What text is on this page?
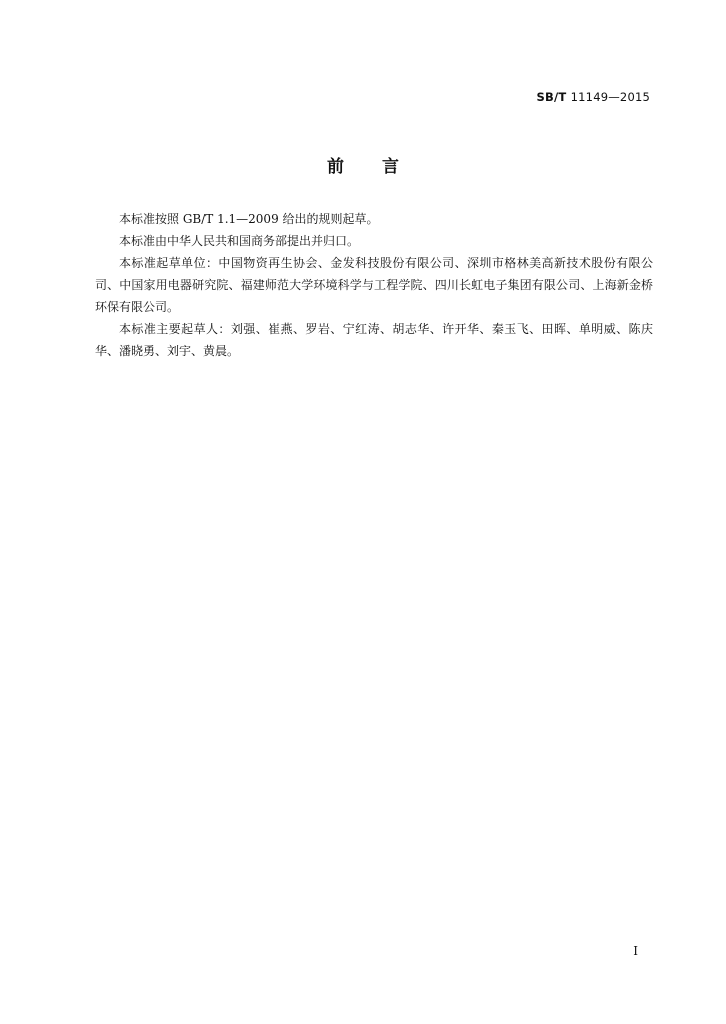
SB/T 11149—2015
前言

本标准按照 GB/T 1.1—2009 给出的规则起草。

本标准由中华人民共和国商务部提出并归口。

本标准起草单位：中国物资再生协会、金发科技股份有限公司、深圳市格林美高新技术股份有限公司、中国家用电器研究院、福建师范大学环境科学与工程学院、四川长虹电子集团有限公司、上海新金桥环保有限公司。

本标准主要起草人：刘强、崔燕、罗岩、宁红涛、胡志华、许开华、秦玉飞、田晖、单明威、陈庆华、潘晓勇、刘宇、黄晨。

I
